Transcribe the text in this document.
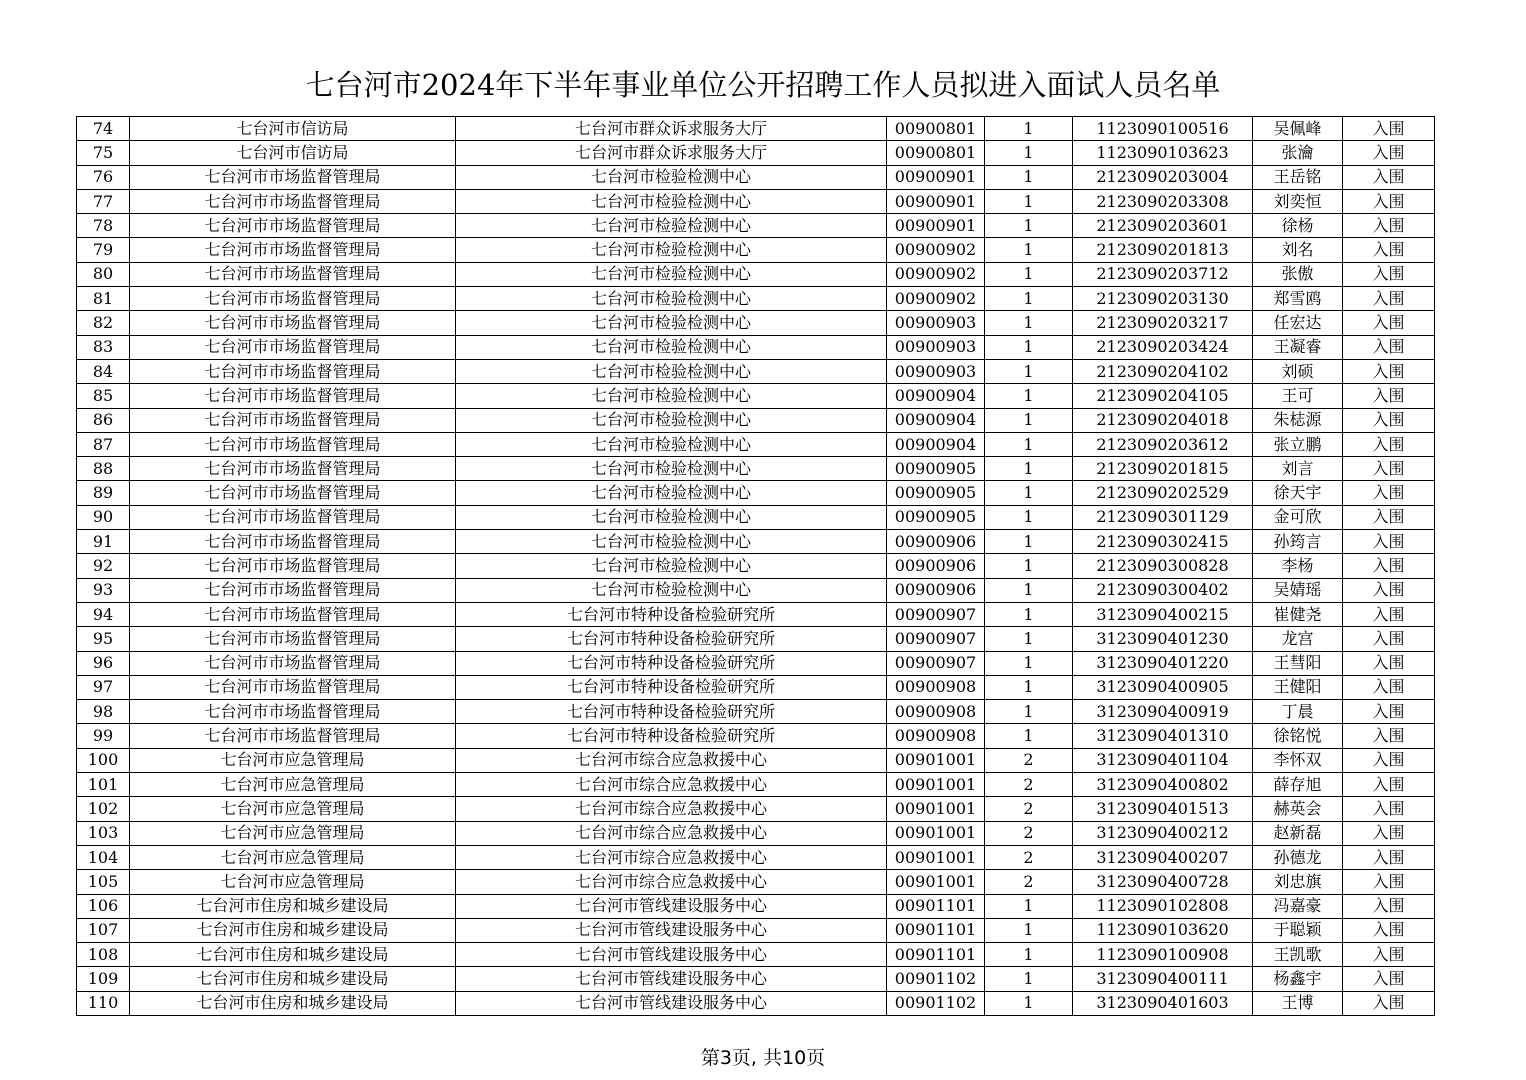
七台河市2024年下半年事业单位公开招聘工作人员拟进入面试人员名单
74	七台河市信访局	七台河市群众诉求服务大厅	00900801	1	1123090100516	吴佩峰	入围
75	七台河市信访局	七台河市群众诉求服务大厅	00900801	1	1123090103623	张瀹	入围
76	七台河市市场监督管理局	七台河市检验检测中心	00900901	1	2123090203004	王岳铭	入围
77	七台河市市场监督管理局	七台河市检验检测中心	00900901	1	2123090203308	刘奕恒	入围
78	七台河市市场监督管理局	七台河市检验检测中心	00900901	1	2123090203601	徐杨	入围
79	七台河市市场监督管理局	七台河市检验检测中心	00900902	1	2123090201813	刘名	入围
80	七台河市市场监督管理局	七台河市检验检测中心	00900902	1	2123090203712	张傲	入围
81	七台河市市场监督管理局	七台河市检验检测中心	00900902	1	2123090203130	郑雪鸥	入围
82	七台河市市场监督管理局	七台河市检验检测中心	00900903	1	2123090203217	任宏达	入围
83	七台河市市场监督管理局	七台河市检验检测中心	00900903	1	2123090203424	王凝睿	入围
84	七台河市市场监督管理局	七台河市检验检测中心	00900903	1	2123090204102	刘硕	入围
85	七台河市市场监督管理局	七台河市检验检测中心	00900904	1	2123090204105	王可	入围
86	七台河市市场监督管理局	七台河市检验检测中心	00900904	1	2123090204018	朱梽源	入围
87	七台河市市场监督管理局	七台河市检验检测中心	00900904	1	2123090203612	张立鹏	入围
88	七台河市市场监督管理局	七台河市检验检测中心	00900905	1	2123090201815	刘言	入围
89	七台河市市场监督管理局	七台河市检验检测中心	00900905	1	2123090202529	徐天宇	入围
90	七台河市市场监督管理局	七台河市检验检测中心	00900905	1	2123090301129	金可欣	入围
91	七台河市市场监督管理局	七台河市检验检测中心	00900906	1	2123090302415	孙筠言	入围
92	七台河市市场监督管理局	七台河市检验检测中心	00900906	1	2123090300828	李杨	入围
93	七台河市市场监督管理局	七台河市检验检测中心	00900906	1	2123090300402	吴婧瑶	入围
94	七台河市市场监督管理局	七台河市特种设备检验研究所	00900907	1	3123090400215	崔健尧	入围
95	七台河市市场监督管理局	七台河市特种设备检验研究所	00900907	1	3123090401230	龙宫	入围
96	七台河市市场监督管理局	七台河市特种设备检验研究所	00900907	1	3123090401220	王彗阳	入围
97	七台河市市场监督管理局	七台河市特种设备检验研究所	00900908	1	3123090400905	王健阳	入围
98	七台河市市场监督管理局	七台河市特种设备检验研究所	00900908	1	3123090400919	丁晨	入围
99	七台河市市场监督管理局	七台河市特种设备检验研究所	00900908	1	3123090401310	徐铭悦	入围
100	七台河市应急管理局	七台河市综合应急救援中心	00901001	2	3123090401104	李怀双	入围
101	七台河市应急管理局	七台河市综合应急救援中心	00901001	2	3123090400802	薛存旭	入围
102	七台河市应急管理局	七台河市综合应急救援中心	00901001	2	3123090401513	赫英会	入围
103	七台河市应急管理局	七台河市综合应急救援中心	00901001	2	3123090400212	赵新磊	入围
104	七台河市应急管理局	七台河市综合应急救援中心	00901001	2	3123090400207	孙德龙	入围
105	七台河市应急管理局	七台河市综合应急救援中心	00901001	2	3123090400728	刘忠旗	入围
106	七台河市住房和城乡建设局	七台河市管线建设服务中心	00901101	1	1123090102808	冯嘉豪	入围
107	七台河市住房和城乡建设局	七台河市管线建设服务中心	00901101	1	1123090103620	于聪颖	入围
108	七台河市住房和城乡建设局	七台河市管线建设服务中心	00901101	1	1123090100908	王凯歌	入围
109	七台河市住房和城乡建设局	七台河市管线建设服务中心	00901102	1	3123090400111	杨鑫宇	入围
110	七台河市住房和城乡建设局	七台河市管线建设服务中心	00901102	1	3123090401603	王博	入围
第3页, 共10页
